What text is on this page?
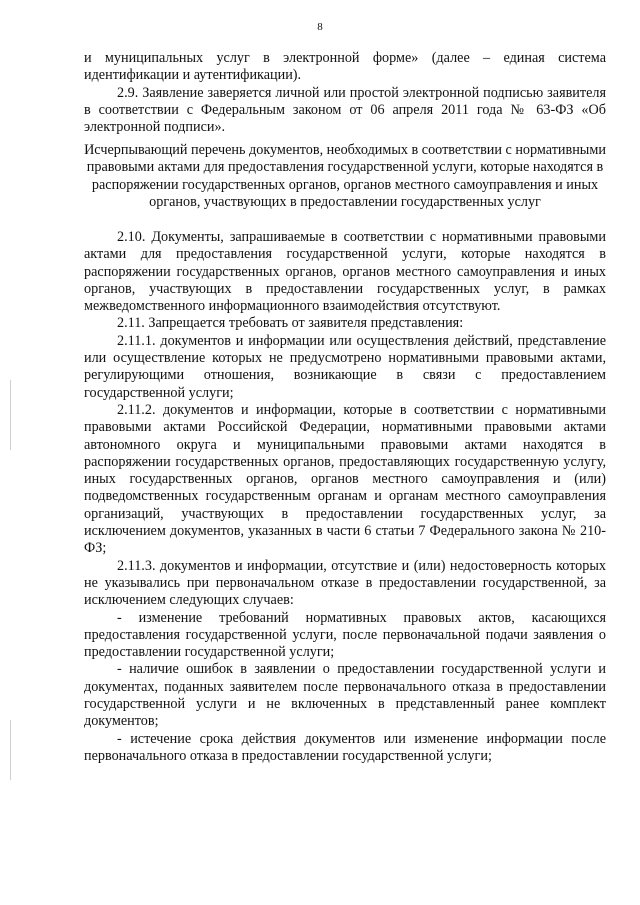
8

и муниципальных услуг в электронной форме» (далее – единая система идентификации и аутентификации).

2.9. Заявление заверяется личной или простой электронной подписью заявителя в соответствии с Федеральным законом от 06 апреля 2011 года № 63-ФЗ «Об электронной подписи».

Исчерпывающий перечень документов, необходимых в соответствии с нормативными правовыми актами для предоставления государственной услуги, которые находятся в распоряжении государственных органов, органов местного самоуправления и иных органов, участвующих в предоставлении государственных услуг

2.10. Документы, запрашиваемые в соответствии с нормативными правовыми актами для предоставления государственной услуги, которые находятся в распоряжении государственных органов, органов местного самоуправления и иных органов, участвующих в предоставлении государственных услуг, в рамках межведомственного информационного взаимодействия отсутствуют.

2.11. Запрещается требовать от заявителя представления:

2.11.1. документов и информации или осуществления действий, представление или осуществление которых не предусмотрено нормативными правовыми актами, регулирующими отношения, возникающие в связи с предоставлением государственной услуги;

2.11.2. документов и информации, которые в соответствии с нормативными правовыми актами Российской Федерации, нормативными правовыми актами автономного округа и муниципальными правовыми актами находятся в распоряжении государственных органов, предоставляющих государственную услугу, иных государственных органов, органов местного самоуправления и (или) подведомственных государственным органам и органам местного самоуправления организаций, участвующих в предоставлении государственных услуг, за исключением документов, указанных в части 6 статьи 7 Федерального закона № 210-ФЗ;

2.11.3. документов и информации, отсутствие и (или) недостоверность которых не указывались при первоначальном отказе в предоставлении государственной, за исключением следующих случаев:

- изменение требований нормативных правовых актов, касающихся предоставления государственной услуги, после первоначальной подачи заявления о предоставлении государственной услуги;

- наличие ошибок в заявлении о предоставлении государственной услуги и документах, поданных заявителем после первоначального отказа в предоставлении государственной услуги и не включенных в представленный ранее комплект документов;

- истечение срока действия документов или изменение информации после первоначального отказа в предоставлении государственной услуги;
